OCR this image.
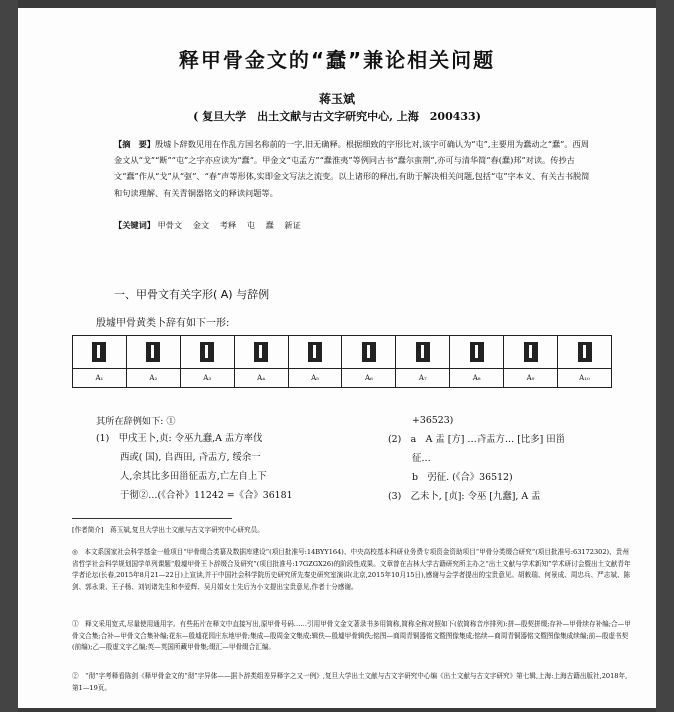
释甲骨金文的“蠢”兼论相关问题
蒋玉斌
( 复旦大学　出土文献与古文字研究中心, 上海　200433)
【摘　要】殷墟卜辞数见用在作乱方国名称前的一字,旧无确释。根据细致的字形比对,该字可确认为“屯”,主要用为蠢动之“蠢”。西周金文从“戈”“断”“屯”之字亦应读为“蠢”。甲金文“屯孟方”“蠢淮夷”等例同古书“蠢尔蛮荆”,亦可与清华简“春(蠢)邦”对读。传抄古文“蠢”作从“戈”从“𫸩”、“春”声等形体,实即金文写法之流变。以上诸形的释出,有助于解决相关问题,包括“屯”字本义、有关古书脱简和句读理解、有关青铜器铭文的释读问题等。
【关键词】 甲骨文 金文 考释 屯 蠢 新证
一、甲骨文有关字形( A) 与辞例
殷墟甲骨黄类卜辞有如下一形:

A₁	A₂	A₃	A₄	A₅	A₆	A₇	A₈	A₉	A₁₀
其所在辞例如下: ①
(1)　甲戌王卜,贞: 令巫九蠢,A 盂方率伐
西或( 国), 𠂤西田, 𢎀盂方, 绥余一
人,余其比多田甾征盂方,亡左自上下
于彻②…(《合补》11242 =《合》36181
+36523)
(2)　a　A 盂 [方] …𢎀盂方… [比多] 田甾
征…
b　弜征. (《合》36512)
(3)　乙未卜, [贞]: 令巫 [九蠢], A 盂
[作者简介]　蒋玉斌,复旦大学出土文献与古文字研究中心研究员。
◎　本文系国家社会科学基金一般项目“甲骨缀合类纂及数据库建设”(项目批准号:14BYY164)、中央高校基本科研业务费专项资金资助项目“甲骨分类缀合研究”(项目批准号:63172302)、贵州省哲学社会科学规划国学单列课题“殷墟甲骨王卜辞缀合及研究”(项目批准号:17GZGX26)的阶段性成果。文章曾在吉林大学古籍研究所主办之“出土文献与学术新知”学术研讨会暨出土文献青年学者论坛(长春,2015年8月21—22日)上宣读,并于中国社会科学院历史研究所先秦史研究室演讲(北京,2015年10月15日),感谢与会学者提出的宝贵意见。胡敕瑞、何景成、周忠兵、严志斌、陈剑、郭永秉、王子杨、刘钊诸先生和李爱辉、吴月娟女士先后为小文提出宝贵意见,作者十分感谢。
①　释文采用宽式,尽量使用通用字。有些拓片在释文中直接写出,原甲骨号码……引用甲骨文金文著录书多用简称,简称全称对照如下(依简称音序排列):拼—殷契拼缀;存补—甲骨续存补编;合—甲骨文合集;合补—甲骨文合集补编;花东—殷墟花园庄东地甲骨;集成—殷周金文集成;辑佚—殷墟甲骨辑佚;铭图—商周青铜器铭文暨图像集成;铭续—商周青铜器铭文暨图像集成续编;前—殷虚书契(前编);乙—殷虚文字乙编;英—英国所藏甲骨集;缀汇—甲骨缀合汇编。
②　“彻”字考释看陈剑《释甲骨金文的“彻”字异体——据卜辞类组差异释字之又一例》,复旦大学出土文献与古文字研究中心编《出土文献与古文字研究》第七辑,上海:上海古籍出版社,2018年,第1—19页。
